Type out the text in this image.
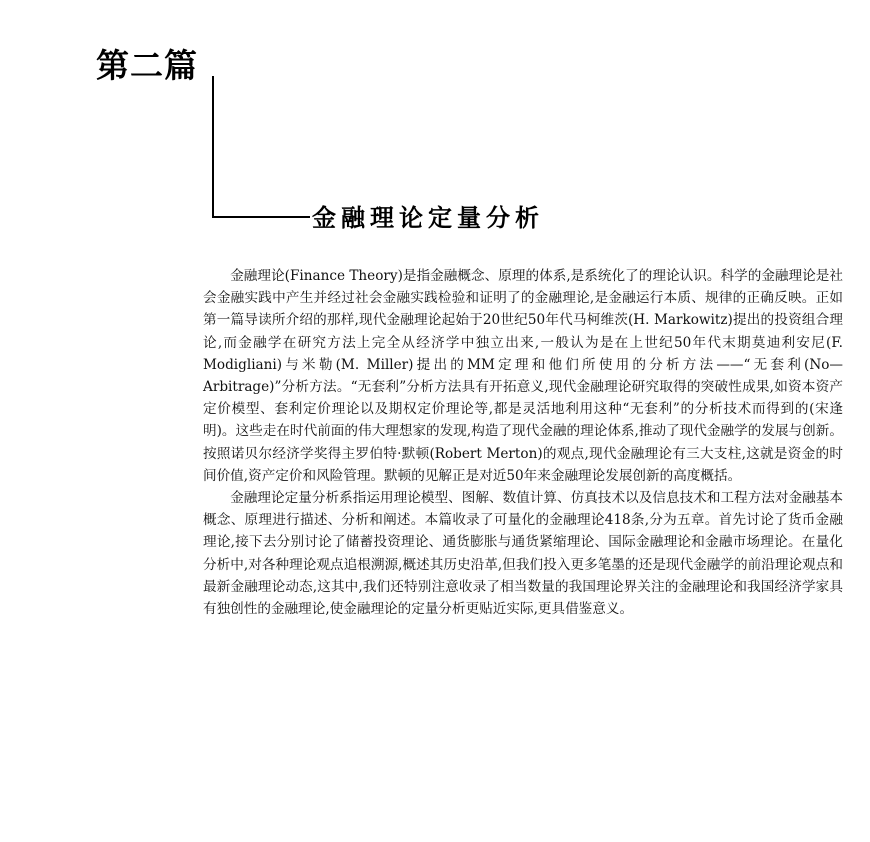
第二篇
金融理论定量分析

金融理论(Finance Theory)是指金融概念、原理的体系,是系统化了的理论认识。科学的金融理论是社会金融实践中产生并经过社会金融实践检验和证明了的金融理论,是金融运行本质、规律的正确反映。正如第一篇导读所介绍的那样,现代金融理论起始于20世纪50年代马柯维茨(H. Markowitz)提出的投资组合理论,而金融学在研究方法上完全从经济学中独立出来,一般认为是在上世纪50年代末期莫迪利安尼(F. Modigliani)与米勒(M. Miller)提出的MM定理和他们所使用的分析方法——“无套利(No—Arbitrage)”分析方法。“无套利”分析方法具有开拓意义,现代金融理论研究取得的突破性成果,如资本资产定价模型、套利定价理论以及期权定价理论等,都是灵活地利用这种“无套利”的分析技术而得到的(宋逢明)。这些走在时代前面的伟大理想家的发现,构造了现代金融的理论体系,推动了现代金融学的发展与创新。按照诺贝尔经济学奖得主罗伯特·默顿(Robert Merton)的观点,现代金融理论有三大支柱,这就是资金的时间价值,资产定价和风险管理。默顿的见解正是对近50年来金融理论发展创新的高度概括。

金融理论定量分析系指运用理论模型、图解、数值计算、仿真技术以及信息技术和工程方法对金融基本概念、原理进行描述、分析和阐述。本篇收录了可量化的金融理论418条,分为五章。首先讨论了货币金融理论,接下去分别讨论了储蓄投资理论、通货膨胀与通货紧缩理论、国际金融理论和金融市场理论。在量化分析中,对各种理论观点追根溯源,概述其历史沿革,但我们投入更多笔墨的还是现代金融学的前沿理论观点和最新金融理论动态,这其中,我们还特别注意收录了相当数量的我国理论界关注的金融理论和我国经济学家具有独创性的金融理论,使金融理论的定量分析更贴近实际,更具借鉴意义。
